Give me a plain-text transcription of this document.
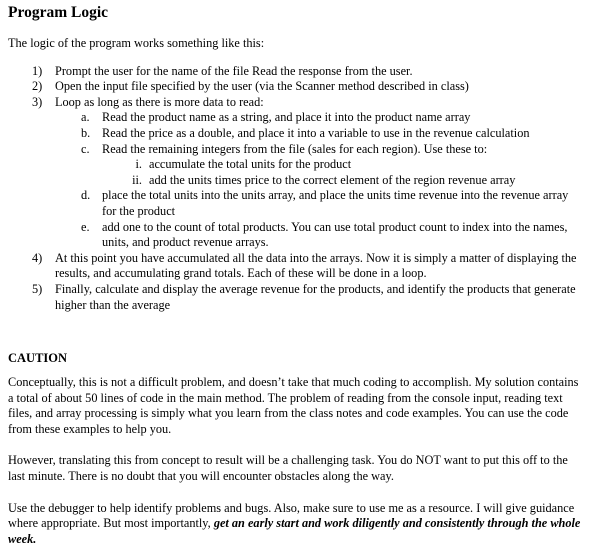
Program Logic

The logic of the program works something like this:

1) Prompt the user for the name of the file Read the response from the user.
2) Open the input file specified by the user (via the Scanner method described in class)
3) Loop as long as there is more data to read:
a. Read the product name as a string, and place it into the product name array
b. Read the price as a double, and place it into a variable to use in the revenue calculation
c. Read the remaining integers from the file (sales for each region). Use these to:
i. accumulate the total units for the product
ii. add the units times price to the correct element of the region revenue array
d. place the total units into the units array, and place the units time revenue into the revenue array for the product
e. add one to the count of total products. You can use total product count to index into the names, units, and product revenue arrays.
4) At this point you have accumulated all the data into the arrays. Now it is simply a matter of displaying the results, and accumulating grand totals. Each of these will be done in a loop.
5) Finally, calculate and display the average revenue for the products, and identify the products that generate higher than the average
CAUTION

Conceptually, this is not a difficult problem, and doesn’t take that much coding to accomplish. My solution contains a total of about 50 lines of code in the main method. The problem of reading from the console input, reading text files, and array processing is simply what you learn from the class notes and code examples. You can use the code from these examples to help you.

However, translating this from concept to result will be a challenging task. You do NOT want to put this off to the last minute. There is no doubt that you will encounter obstacles along the way.

Use the debugger to help identify problems and bugs. Also, make sure to use me as a resource. I will give guidance where appropriate. But most importantly, get an early start and work diligently and consistently through the whole week.
